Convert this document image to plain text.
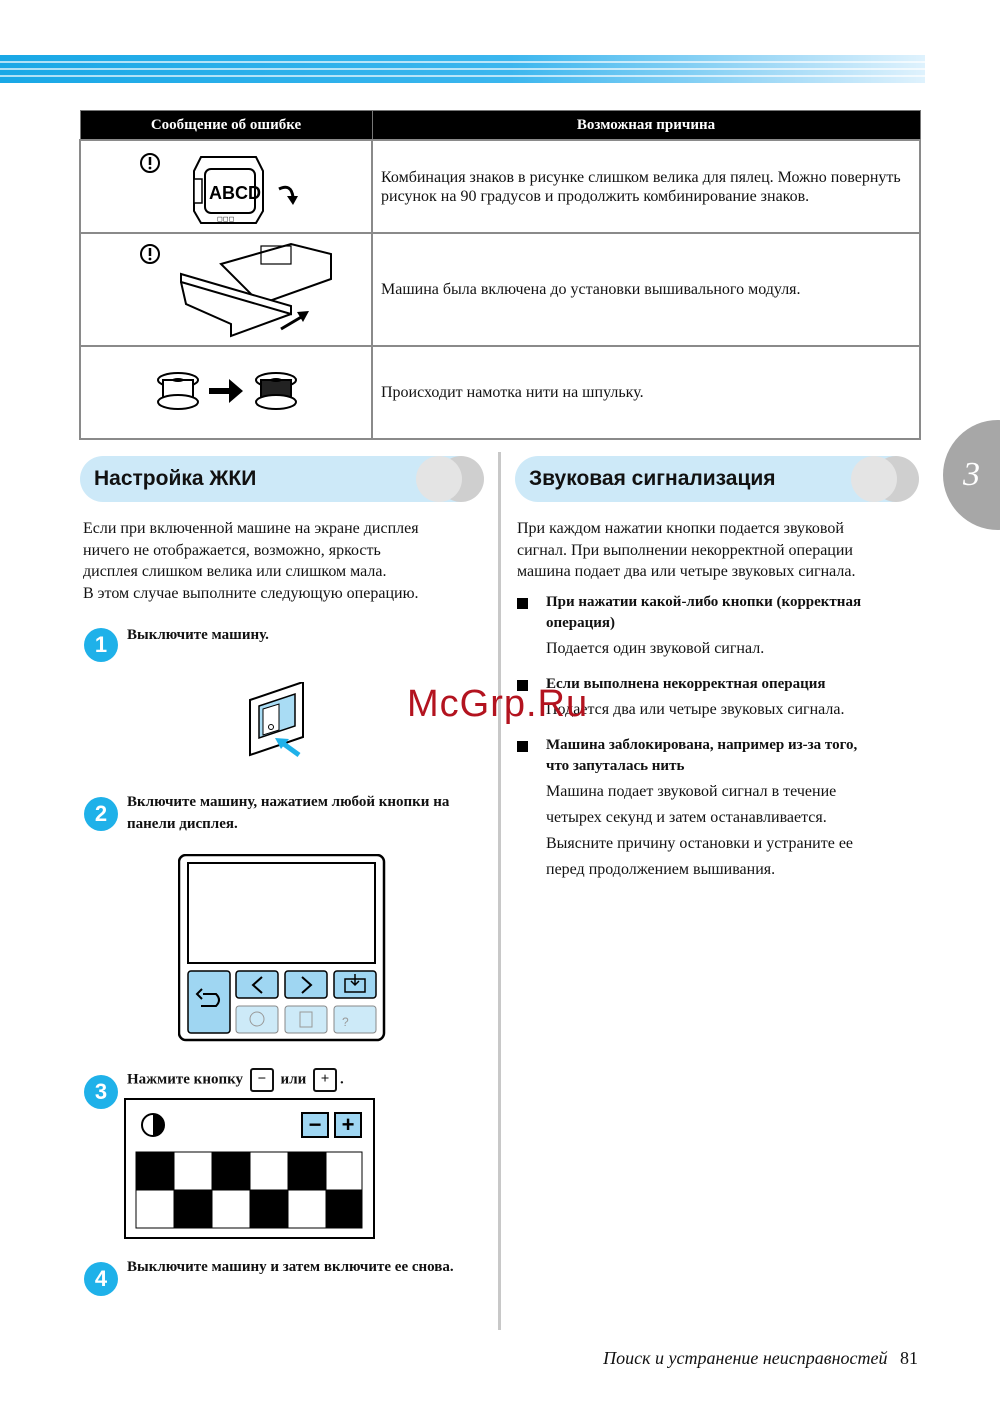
Сообщение об ошибке	Возможная причина

ABCD
◻◻◻	Комбинация знаков в рисунке слишком велика для пялец. Можно повернуть рисунок на 90 градусов и продолжить комбинирование знаков.
	Машина была включена до установки вышивального модуля.
	Происходит намотка нити на шпульку.
Настройка ЖКИ
Если при включенной машине на экране дисплея
ничего не отображается, возможно, яркость
дисплея слишком велика или слишком мала.
В этом случае выполните следующую операцию.
1	Выключите машину.
2	Включите машину, нажатием любой кнопки на
панели дисплея.
?
3	Нажмите кнопку − или + .
− +
4	Выключите машину и затем включите ее снова.
Звуковая сигнализация
При каждом нажатии кнопки подается звуковой
сигнал. При выполнении некорректной операции
машина подает два или четыре звуковых сигнала.
При нажатии какой-либо кнопки (корректная
операция)
Подается один звуковой сигнал.
Если выполнена некорректная операция
Подается два или четыре звуковых сигнала.
Машина заблокирована, например из-за того,
что запуталась нить
Машина подает звуковой сигнал в течение
четырех секунд и затем останавливается.
Выясните причину остановки и устраните ее
перед продолжением вышивания.
McGrp.Ru
3
Поиск и устранение неисправностей 81
